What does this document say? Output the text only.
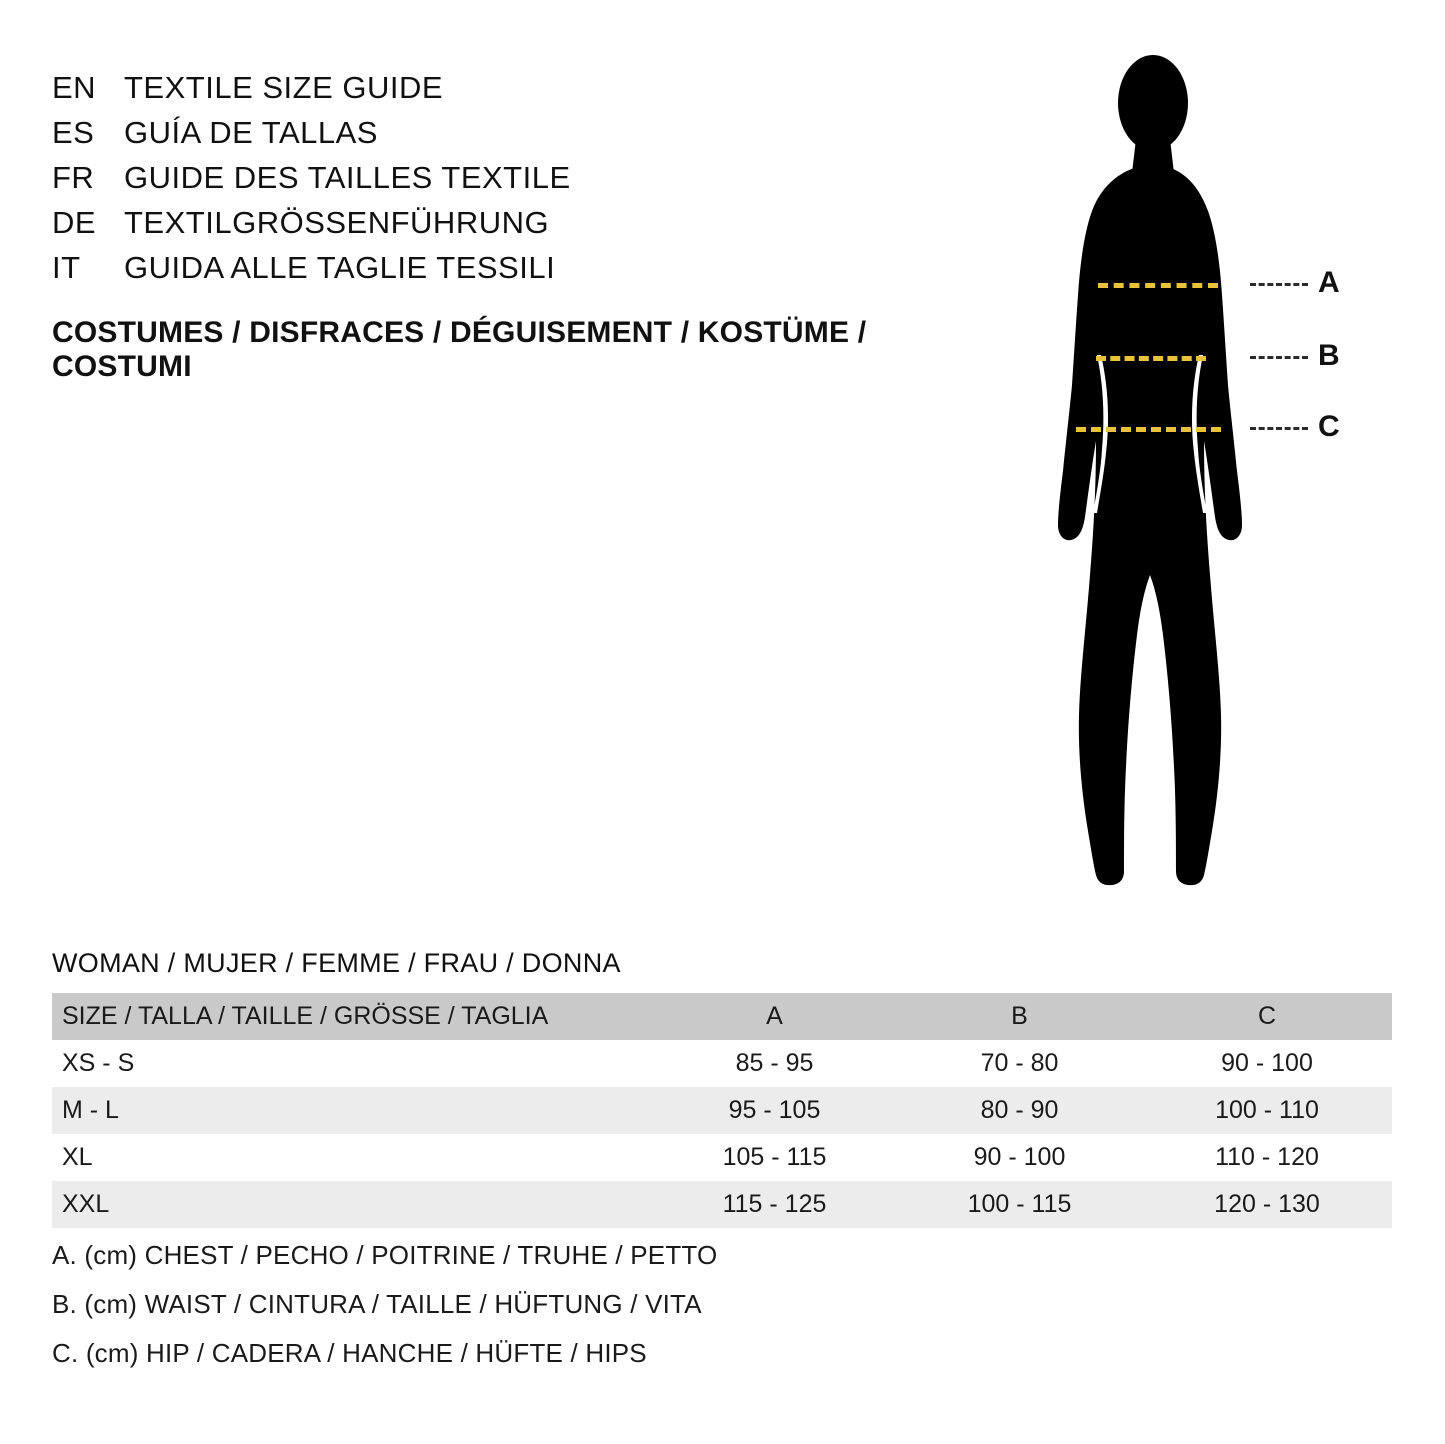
EN TEXTILE SIZE GUIDE
ES GUÍA DE TALLAS
FR GUIDE DES TAILLES TEXTILE
DE TEXTILGRÖSSENFÜHRUNG
IT	GUIDA ALLE TAGLIE TESSILI
COSTUMES / DISFRACES / DÉGUISEMENT / KOSTÜME / COSTUMI
A
B
C
WOMAN / MUJER / FEMME / FRAU / DONNA
SIZE / TALLA / TAILLE / GRÖSSE / TAGLIA	A	B	C
XS - S	85 - 95	70 - 80	90 - 100
M - L	95 - 105	80 - 90	100 - 110
XL	105 - 115	90 - 100	110 - 120
XXL	115 - 125	100 - 115	120 - 130
A. (cm) CHEST / PECHO / POITRINE / TRUHE / PETTO
B. (cm) WAIST / CINTURA / TAILLE / HÜFTUNG / VITA
C. (cm) HIP / CADERA / HANCHE / HÜFTE / HIPS
